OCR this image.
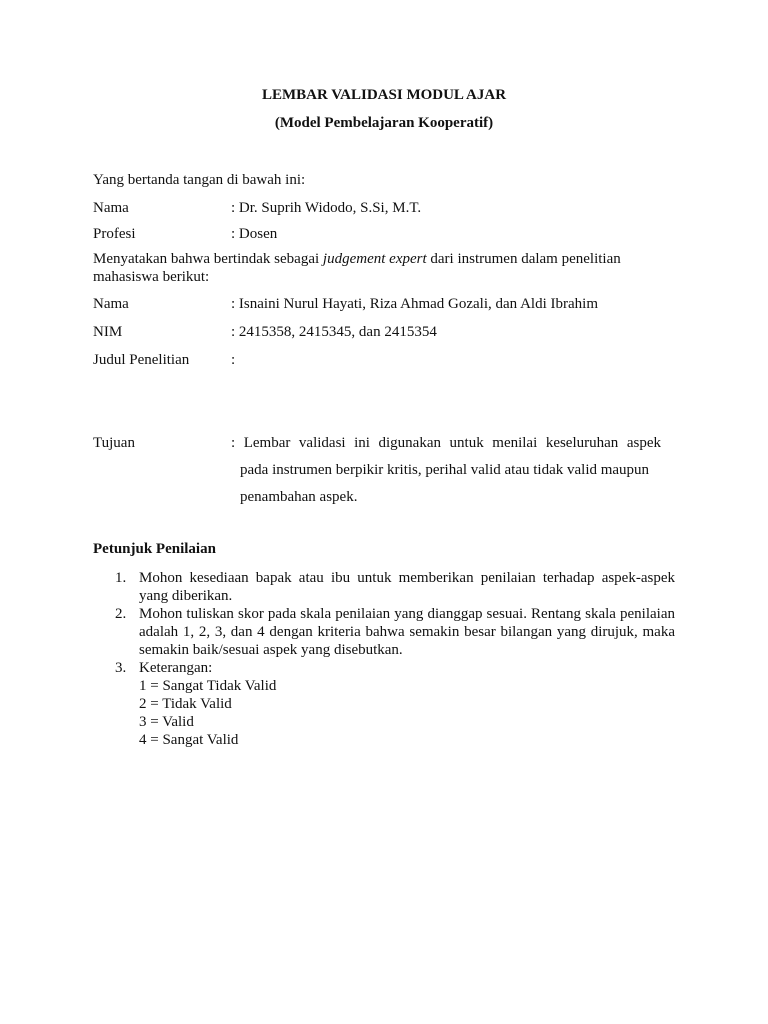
LEMBAR VALIDASI MODUL AJAR
(Model Pembelajaran Kooperatif)
Yang bertanda tangan di bawah ini:
Nama	: Dr. Suprih Widodo, S.Si, M.T.
Profesi	: Dosen
Menyatakan bahwa bertindak sebagai judgement expert dari instrumen dalam penelitian mahasiswa berikut:
Nama	: Isnaini Nurul Hayati, Riza Ahmad Gozali, dan Aldi Ibrahim
NIM	: 2415358, 2415345, dan 2415354
Judul Penelitian	:
Tujuan	: Lembar validasi ini digunakan untuk menilai keseluruhan aspek
pada instrumen berpikir kritis, perihal valid atau tidak valid maupun
penambahan aspek.
Petunjuk Penilaian
1. Mohon kesediaan bapak atau ibu untuk memberikan penilaian terhadap aspek-aspek yang diberikan.
2. Mohon tuliskan skor pada skala penilaian yang dianggap sesuai. Rentang skala penilaian adalah 1, 2, 3, dan 4 dengan kriteria bahwa semakin besar bilangan yang dirujuk, maka semakin baik/sesuai aspek yang disebutkan.
3. Keterangan:
1 = Sangat Tidak Valid
2 = Tidak Valid
3 = Valid
4 = Sangat Valid
